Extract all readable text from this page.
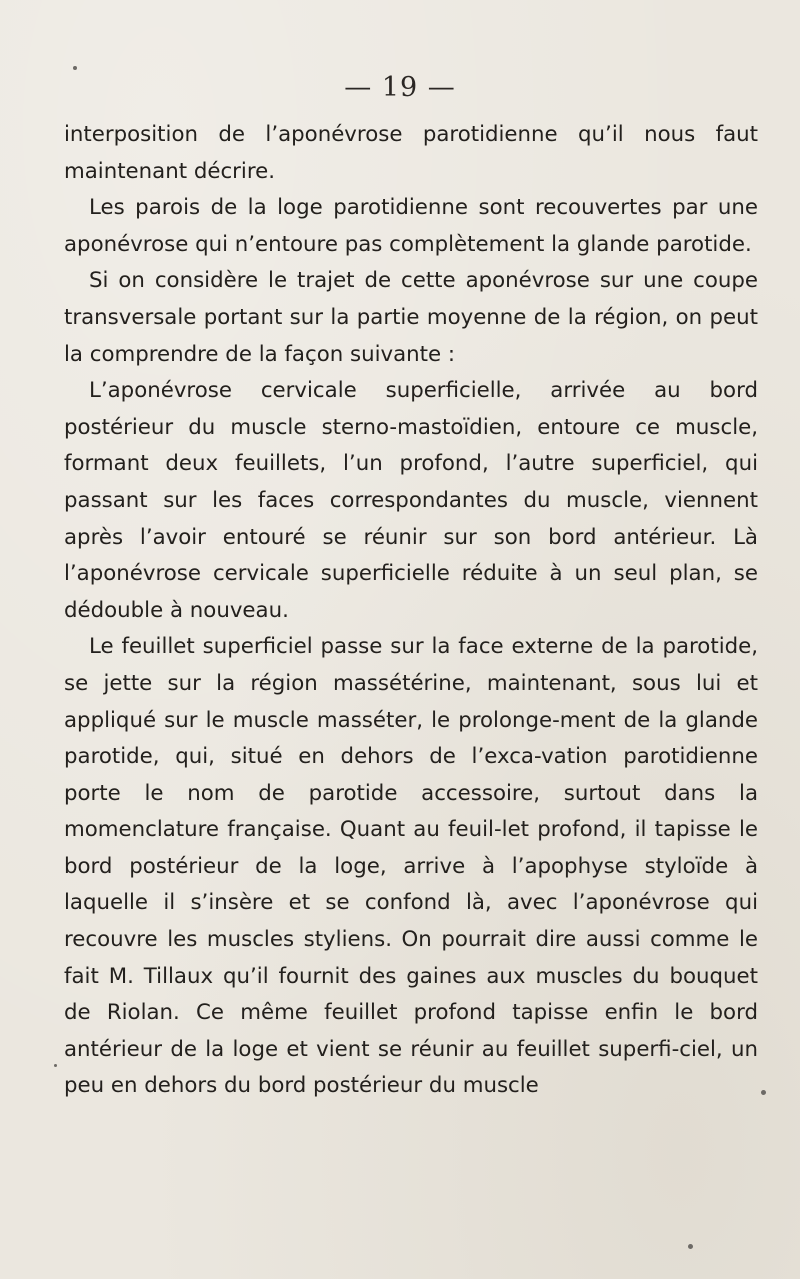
— 19 —

interposition de l’aponévrose parotidienne qu’il nous faut maintenant décrire.

Les parois de la loge parotidienne sont recouvertes par une aponévrose qui n’entoure pas complètement la glande parotide.

Si on considère le trajet de cette aponévrose sur une coupe transversale portant sur la partie moyenne de la région, on peut la comprendre de la façon suivante :

L’aponévrose cervicale superficielle, arrivée au bord postérieur du muscle sterno-mastoïdien, entoure ce muscle, formant deux feuillets, l’un profond, l’autre superficiel, qui passant sur les faces correspondantes du muscle, viennent après l’avoir entouré se réunir sur son bord antérieur. Là l’aponévrose cervicale superficielle réduite à un seul plan, se dédouble à nouveau.

Le feuillet superficiel passe sur la face externe de la parotide, se jette sur la région massétérine, maintenant, sous lui et appliqué sur le muscle masséter, le prolonge-ment de la glande parotide, qui, situé en dehors de l’exca-vation parotidienne porte le nom de parotide accessoire, surtout dans la momenclature française. Quant au feuil-let profond, il tapisse le bord postérieur de la loge, arrive à l’apophyse styloïde à laquelle il s’insère et se confond là, avec l’aponévrose qui recouvre les muscles styliens. On pourrait dire aussi comme le fait M. Tillaux qu’il fournit des gaines aux muscles du bouquet de Riolan. Ce même feuillet profond tapisse enfin le bord antérieur de la loge et vient se réunir au feuillet superfi-ciel, un peu en dehors du bord postérieur du muscle
